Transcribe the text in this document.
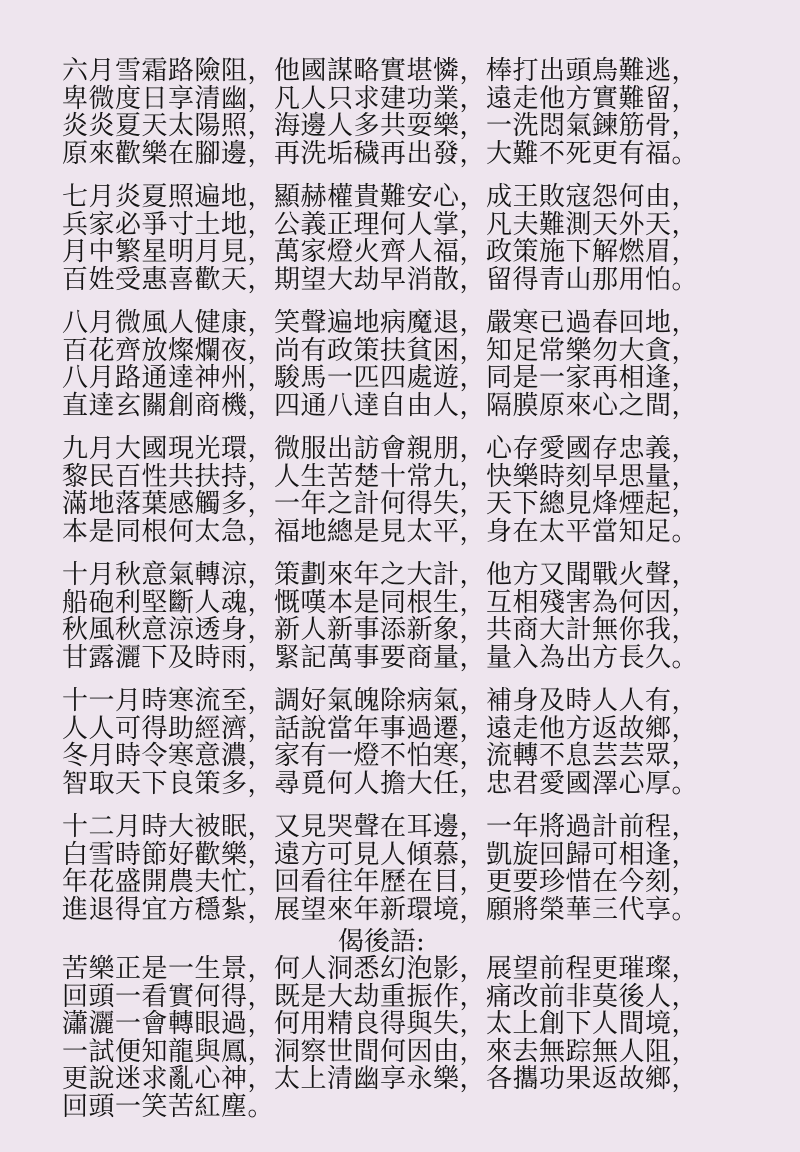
六月雪霜路險阻，他國謀略實堪憐，棒打出頭鳥難逃，
卑微度日享清幽，凡人只求建功業，遠走他方實難留，
炎炎夏天太陽照，海邊人多共耍樂，一洗悶氣鍊筋骨，
原來歡樂在腳邊，再洗垢穢再出發，大難不死更有福。
七月炎夏照遍地，顯赫權貴難安心，成王敗寇怨何由，
兵家必爭寸土地，公義正理何人掌，凡夫難測天外天，
月中繁星明月見，萬家燈火齊人福，政策施下解燃眉，
百姓受惠喜歡天，期望大劫早消散，留得青山那用怕。
八月微風人健康，笑聲遍地病魔退，嚴寒已過春回地，
百花齊放燦爛夜，尚有政策扶貧困，知足常樂勿大貪，
八月路通達神州，駿馬一匹四處遊，同是一家再相逢，
直達玄關創商機，四通八達自由人，隔膜原來心之間，
九月大國現光環，微服出訪會親朋，心存愛國存忠義，
黎民百性共扶持，人生苦楚十常九，快樂時刻早思量，
滿地落葉感觸多，一年之計何得失，天下總見烽煙起，
本是同根何太急，福地總是見太平，身在太平當知足。
十月秋意氣轉涼，策劃來年之大計，他方又聞戰火聲，
船砲利堅斷人魂，慨嘆本是同根生，互相殘害為何因，
秋風秋意涼透身，新人新事添新象，共商大計無你我，
甘露灑下及時雨，緊記萬事要商量，量入為出方長久。
十一月時寒流至，調好氣魄除病氣，補身及時人人有，
人人可得助經濟，話說當年事過遷，遠走他方返故鄉，
冬月時令寒意濃，家有一燈不怕寒，流轉不息芸芸眾，
智取天下良策多，尋覓何人擔大任，忠君愛國澤心厚。
十二月時大被眠，又見哭聲在耳邊，一年將過計前程，
白雪時節好歡樂，遠方可見人傾慕，凱旋回歸可相逢，
年花盛開農夫忙，回看往年歷在目，更要珍惜在今刻，
進退得宜方穩紮，展望來年新環境，願將榮華三代享。
偈後語:
苦樂正是一生景，何人洞悉幻泡影，展望前程更璀璨，
回頭一看實何得，既是大劫重振作，痛改前非莫後人，
瀟灑一會轉眼過，何用精良得與失，太上創下人間境，
一試便知龍與鳳，洞察世間何因由，來去無踪無人阻，
更說迷求亂心神，太上清幽享永樂，各攜功果返故鄉，
回頭一笑苦紅塵。
